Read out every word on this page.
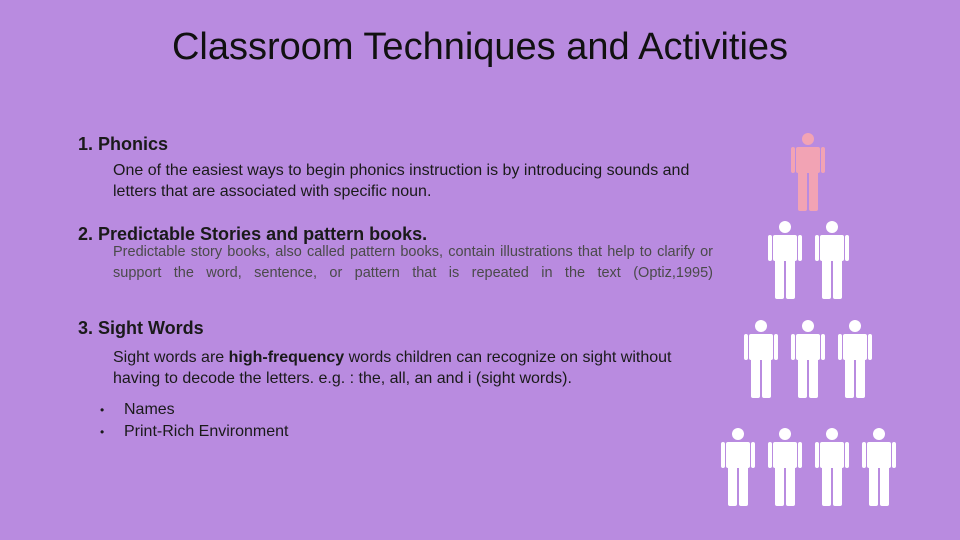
Classroom Techniques and Activities
1. Phonics
One of the easiest ways to begin phonics instruction is by introducing sounds and letters that are associated with specific noun.
2. Predictable Stories and pattern books.
Predictable story books, also called pattern books, contain illustrations that help to clarify or support the word, sentence, or pattern that is repeated in the text (Optiz,1995)
3. Sight Words
Sight words are high-frequency words children can recognize on sight without having to decode the letters. e.g. : the, all, an and i (sight words).
•	Names
•	Print-Rich Environment
